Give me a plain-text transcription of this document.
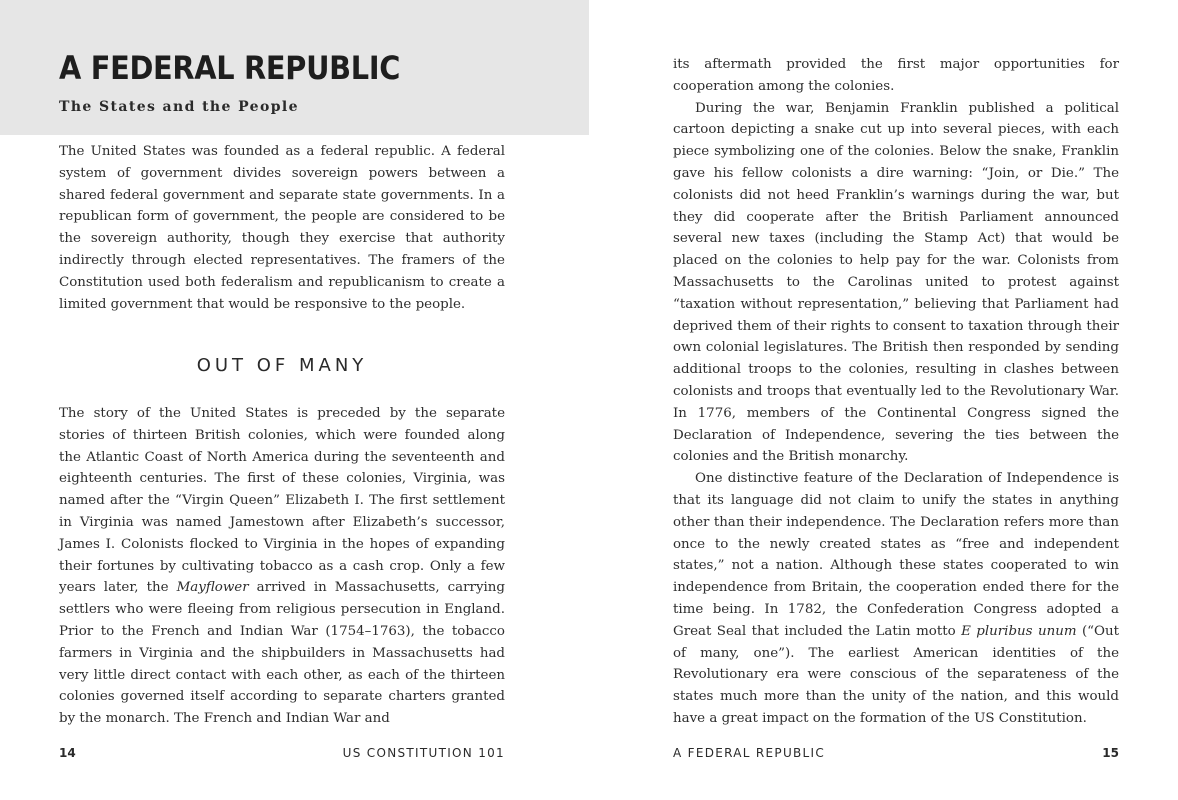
A FEDERAL REPUBLIC
The States and the People

The United States was founded as a federal republic. A federal system of government divides sovereign powers between a shared federal government and separate state governments. In a republican form of government, the people are considered to be the sovereign authority, though they exercise that authority indirectly through elected representatives. The framers of the Constitution used both federalism and republicanism to create a limited government that would be responsive to the people.

OUT OF MANY

The story of the United States is preceded by the separate stories of thirteen British colonies, which were founded along the Atlantic Coast of North America during the seventeenth and eighteenth centuries. The first of these colonies, Virginia, was named after the “Virgin Queen” Elizabeth I. The first settlement in Virginia was named Jamestown after Elizabeth’s successor, James I. Colonists flocked to Virginia in the hopes of expanding their fortunes by cultivating tobacco as a cash crop. Only a few years later, the Mayflower arrived in Massachusetts, carrying settlers who were fleeing from religious persecution in England. Prior to the French and Indian War (1754–1763), the tobacco farmers in Virginia and the shipbuilders in Massachusetts had very little direct contact with each other, as each of the thirteen colonies governed itself according to separate charters granted by the monarch. The French and Indian War and

14	US CONSTITUTION 101

its aftermath provided the first major opportunities for cooperation among the colonies.

During the war, Benjamin Franklin published a political cartoon depicting a snake cut up into several pieces, with each piece symbolizing one of the colonies. Below the snake, Franklin gave his fellow colonists a dire warning: “Join, or Die.” The colonists did not heed Franklin’s warnings during the war, but they did cooperate after the British Parliament announced several new taxes (including the Stamp Act) that would be placed on the colonies to help pay for the war. Colonists from Massachusetts to the Carolinas united to protest against “taxation without representation,” believing that Parliament had deprived them of their rights to consent to taxation through their own colonial legislatures. The British then responded by sending additional troops to the colonies, resulting in clashes between colonists and troops that eventually led to the Revolutionary War. In 1776, members of the Continental Congress signed the Declaration of Independence, severing the ties between the colonies and the British monarchy.

One distinctive feature of the Declaration of Independence is that its language did not claim to unify the states in anything other than their independence. The Declaration refers more than once to the newly created states as “free and independent states,” not a nation. Although these states cooperated to win independence from Britain, the cooperation ended there for the time being. In 1782, the Confederation Congress adopted a Great Seal that included the Latin motto E pluribus unum (“Out of many, one”). The earliest American identities of the Revolutionary era were conscious of the separateness of the states much more than the unity of the nation, and this would have a great impact on the formation of the US Constitution.

A FEDERAL REPUBLIC	15
